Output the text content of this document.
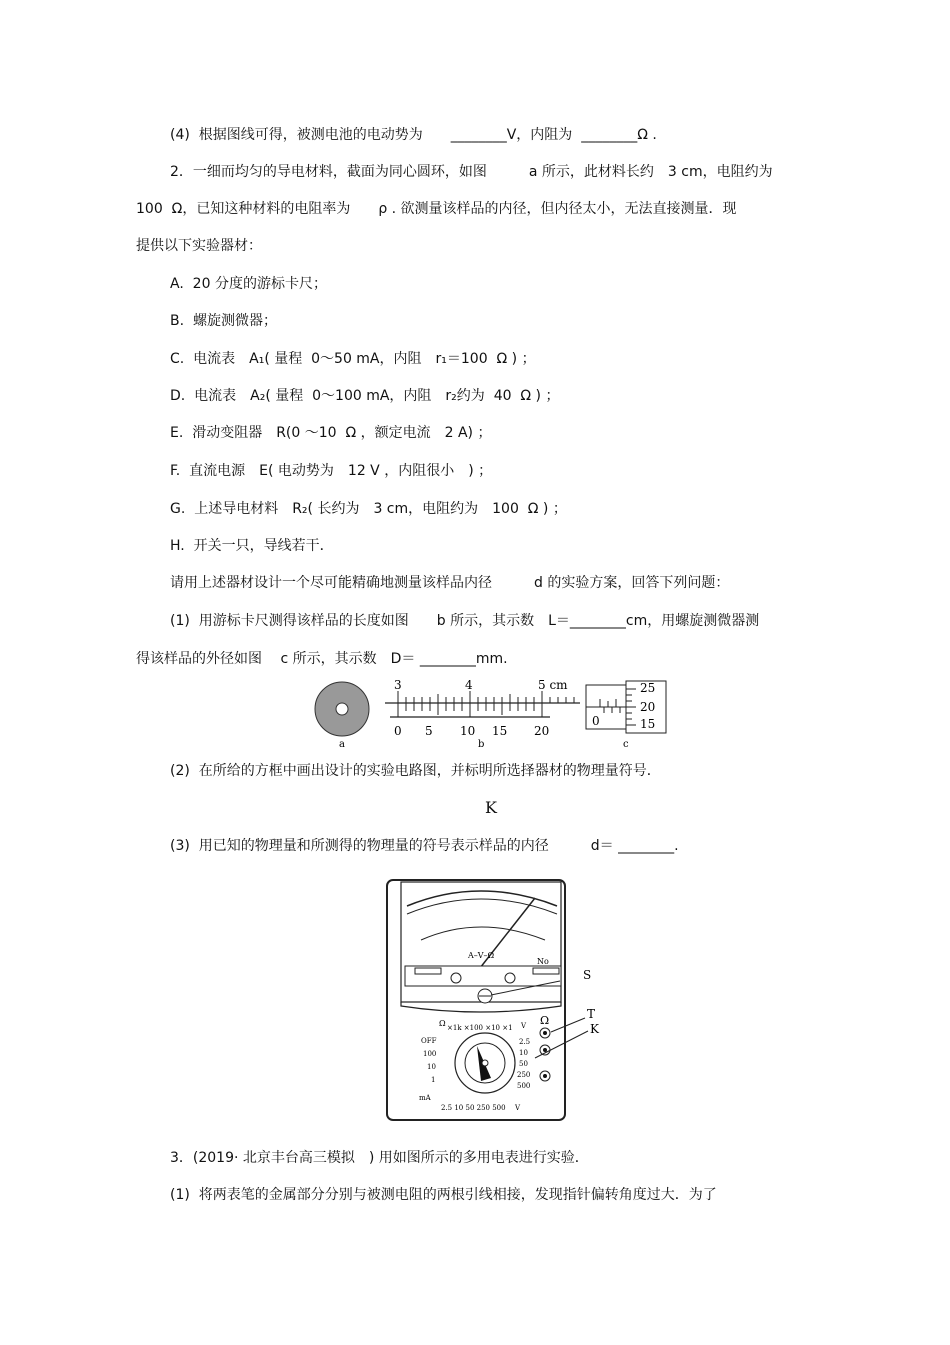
(4)  根据图线可得，被测电池的电动势为　　________V，内阻为  ________Ω .
2．一细而均匀的导电材料，截面为同心圆环，如图　　　a 所示，此材料长约　3 cm，电阻约为
100  Ω，已知这种材料的电阻率为　　ρ . 欲测量该样品的内径，但内径太小，无法直接测量．现
提供以下实验器材：
A.  20 分度的游标卡尺；
B.  螺旋测微器；
C.  电流表　A₁( 量程  0～50 mA，内阻　r₁＝100  Ω ) ；
D.  电流表　A₂( 量程  0～100 mA，内阻　r₂约为  40  Ω ) ；
E.  滑动变阻器　R(0 ～10  Ω ，额定电流　2 A) ；
F.  直流电源　E( 电动势为　12 V ，内阻很小　) ；
G.  上述导电材料　R₂( 长约为　3 cm，电阻约为　100  Ω ) ；
H.  开关一只，导线若干．
请用上述器材设计一个尽可能精确地测量该样品内径　　　d 的实验方案，回答下列问题：
(1)  用游标卡尺测得该样品的长度如图　　b 所示，其示数　L＝________cm，用螺旋测微器测
得该样品的外径如图　 c 所示，其示数　D＝ ________mm.
a
3	4	5 cm
0 5 10 15 20
b
25
20
15
0
c
(2)  在所给的方框中画出设计的实验电路图，并标明所选择器材的物理量符号．
K
(3)  用已知的物理量和所测得的物理量的符号表示样品的内径　　　d＝ ________.
A–V–Ω
No
S
Ω ×1k ×100 ×10 ×1 V
OFF
100
10
1
mA
2.5
10
50
250
500
2.5 10 50 250 500 V
Ω	T
K
3．(2019· 北京丰台高三模拟　) 用如图所示的多用电表进行实验．
(1)  将两表笔的金属部分分别与被测电阻的两根引线相接，发现指针偏转角度过大．为了
